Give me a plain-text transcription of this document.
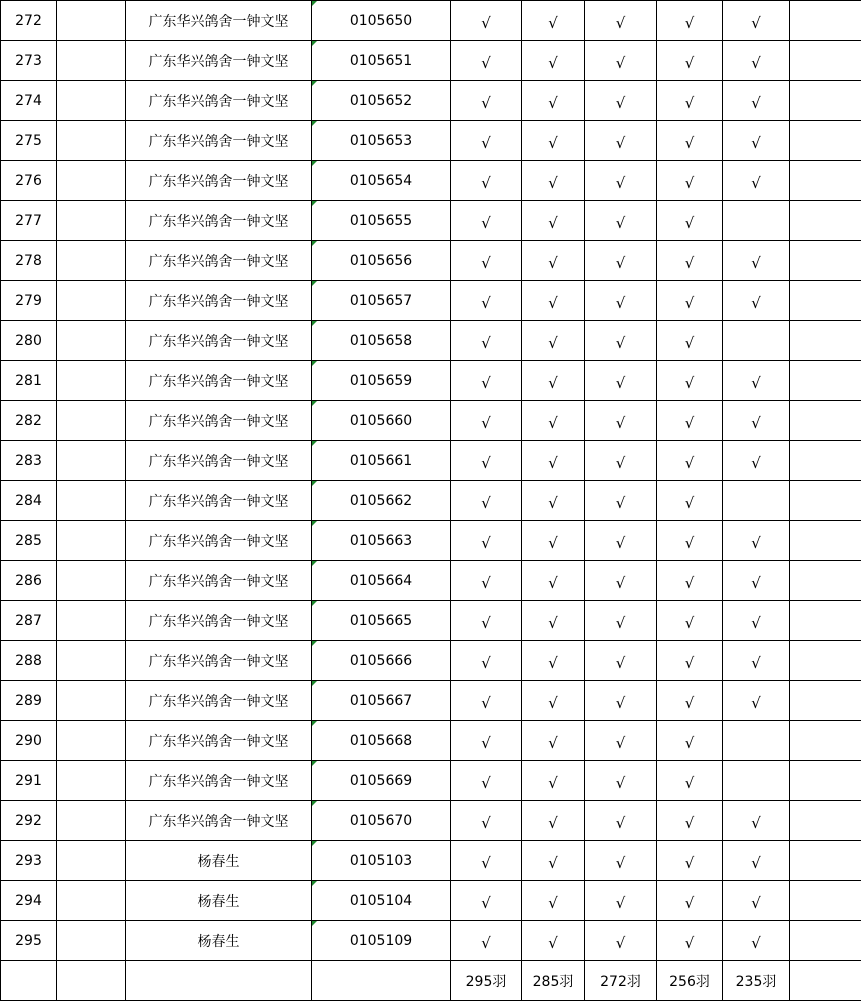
272		广东华兴鸽舍一钟文坚	0105650	√	√	√	√	√	
273		广东华兴鸽舍一钟文坚	0105651	√	√	√	√	√	
274		广东华兴鸽舍一钟文坚	0105652	√	√	√	√	√	
275		广东华兴鸽舍一钟文坚	0105653	√	√	√	√	√	
276		广东华兴鸽舍一钟文坚	0105654	√	√	√	√	√	
277		广东华兴鸽舍一钟文坚	0105655	√	√	√	√		
278		广东华兴鸽舍一钟文坚	0105656	√	√	√	√	√	
279		广东华兴鸽舍一钟文坚	0105657	√	√	√	√	√	
280		广东华兴鸽舍一钟文坚	0105658	√	√	√	√		
281		广东华兴鸽舍一钟文坚	0105659	√	√	√	√	√	
282		广东华兴鸽舍一钟文坚	0105660	√	√	√	√	√	
283		广东华兴鸽舍一钟文坚	0105661	√	√	√	√	√	
284		广东华兴鸽舍一钟文坚	0105662	√	√	√	√		
285		广东华兴鸽舍一钟文坚	0105663	√	√	√	√	√	
286		广东华兴鸽舍一钟文坚	0105664	√	√	√	√	√	
287		广东华兴鸽舍一钟文坚	0105665	√	√	√	√	√	
288		广东华兴鸽舍一钟文坚	0105666	√	√	√	√	√	
289		广东华兴鸽舍一钟文坚	0105667	√	√	√	√	√	
290		广东华兴鸽舍一钟文坚	0105668	√	√	√	√		
291		广东华兴鸽舍一钟文坚	0105669	√	√	√	√		
292		广东华兴鸽舍一钟文坚	0105670	√	√	√	√	√	
293		杨春生	0105103	√	√	√	√	√	
294		杨春生	0105104	√	√	√	√	√	
295		杨春生	0105109	√	√	√	√	√	
				295羽	285羽	272羽	256羽	235羽	
